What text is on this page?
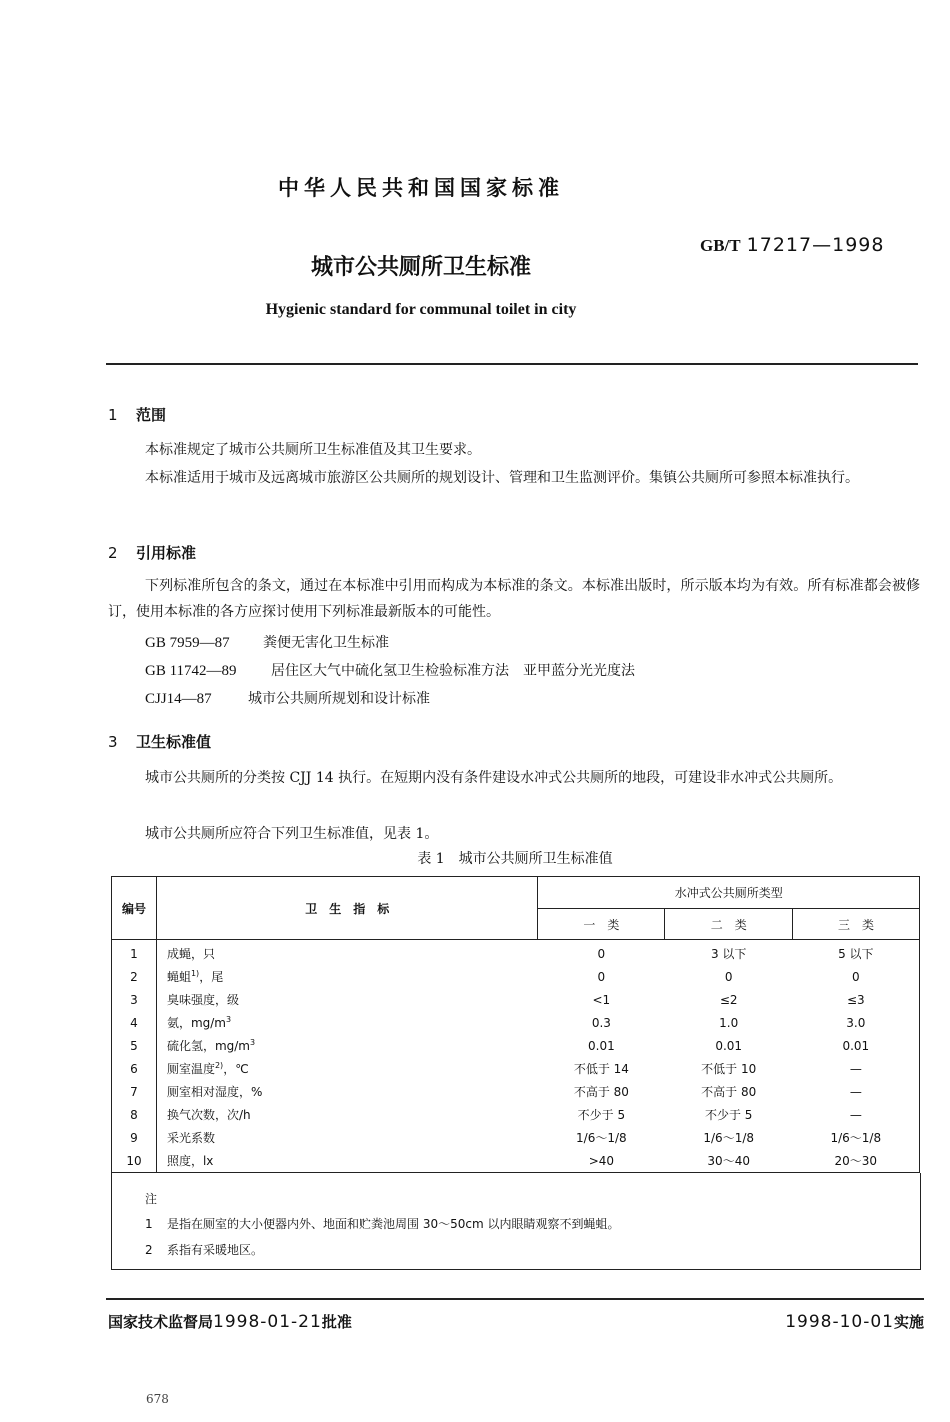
中华人民共和国国家标准
GB/T 17217—1998
城市公共厕所卫生标准
Hygienic standard for communal toilet in city
1 范围
本标准规定了城市公共厕所卫生标准值及其卫生要求。
本标准适用于城市及远离城市旅游区公共厕所的规划设计、管理和卫生监测评价。集镇公共厕所可参照本标准执行。
2 引用标准
下列标准所包含的条文，通过在本标准中引用而构成为本标准的条文。本标准出版时，所示版本均为有效。所有标准都会被修订，使用本标准的各方应探讨使用下列标准最新版本的可能性。
GB 7959—87 粪便无害化卫生标准
GB 11742—89 居住区大气中硫化氢卫生检验标准方法　亚甲蓝分光光度法
CJJ14—87	城市公共厕所规划和设计标准
3 卫生标准值
城市公共厕所的分类按 CJJ 14 执行。在短期内没有条件建设水冲式公共厕所的地段，可建设非水冲式公共厕所。
城市公共厕所应符合下列卫生标准值，见表 1。
表 1　城市公共厕所卫生标准值
编号	卫　生　指　标	水冲式公共厕所类型		
		一　类	二　类	三　类
1	成蝇，只	0	3 以下	5 以下
2	蝇蛆$^{1)}$，尾	0	0	0
3	臭味强度，级	<1	≤2	≤3
4	氨，$mg/m^3$	0.3	1.0	3.0
5	硫化氢，$mg/m^3$	0.01	0.01	0.01
6	厕室温度$^{2)}$，℃	不低于 14	不低于 10	—
7	厕室相对湿度，%	不高于 80	不高于 80	—
8	换气次数，次/h	不少于 5	不少于 5	—
9	采光系数	1/6～1/8	1/6～1/8	1/6～1/8
10	照度，lx	>40	30～40	20～30
注
1 是指在厕室的大小便器内外、地面和贮粪池周围 30～50cm 以内眼睛观察不到蝇蛆。
2 系指有采暖地区。
国家技术监督局1998-01-21批准	1998-10-01实施
678
